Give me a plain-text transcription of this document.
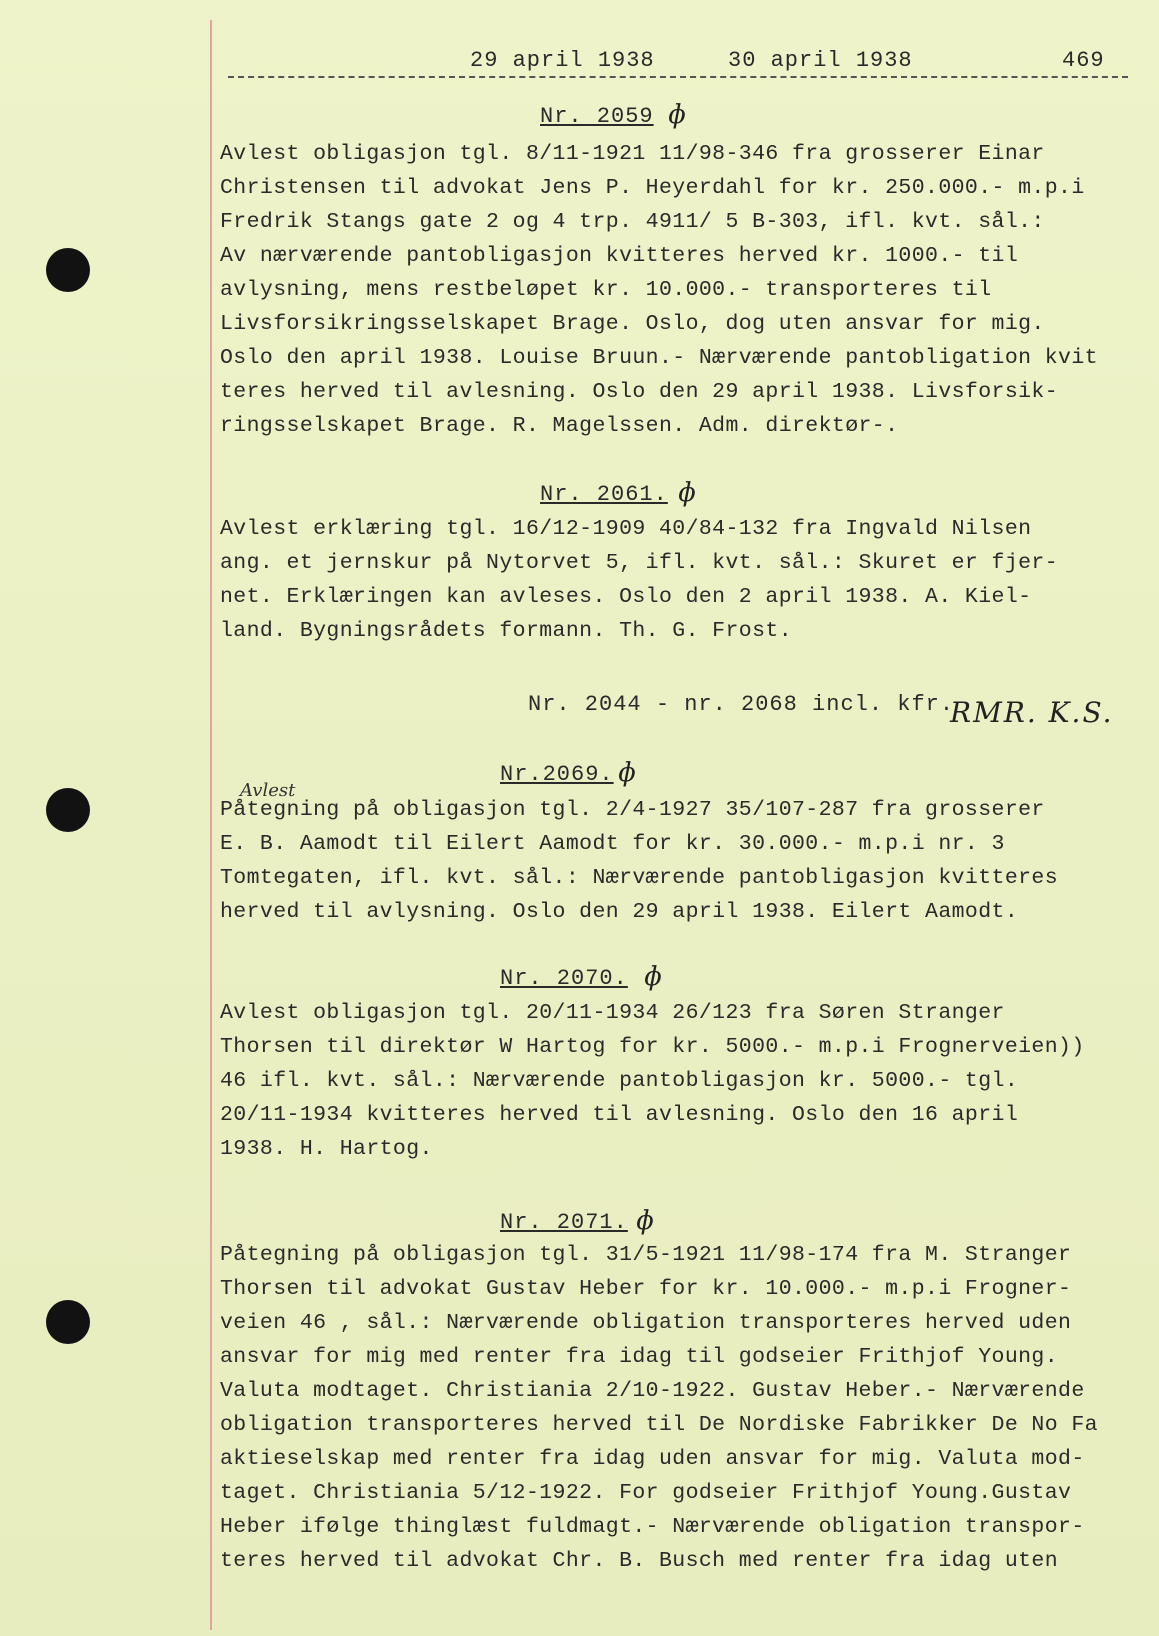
29 april 1938	30 april 1938	469
Nr. 2059 ɸ
Avlest obligasjon tgl. 8/11-1921 11/98-346 fra grosserer Einar
Christensen til advokat Jens P. Heyerdahl for kr. 250.000.- m.p.i
Fredrik Stangs gate 2 og 4 trp. 4911/ 5 B-303, ifl. kvt. sål.:
Av nærværende pantobligasjon kvitteres herved kr. 1000.- til
avlysning, mens restbeløpet kr. 10.000.- transporteres til
Livsforsikringsselskapet Brage. Oslo, dog uten ansvar for mig.
Oslo den april 1938. Louise Bruun.- Nærværende pantobligation kvit
teres herved til avlesning. Oslo den 29 april 1938. Livsforsik-
ringsselskapet Brage. R. Magelssen. Adm. direktør-.
Nr. 2061. ɸ
Avlest erklæring tgl. 16/12-1909 40/84-132 fra Ingvald Nilsen
ang. et jernskur på Nytorvet 5, ifl. kvt. sål.: Skuret er fjer-
net. Erklæringen kan avleses. Oslo den 2 april 1938. A. Kiel-
land. Bygningsrådets formann. Th. G. Frost.
Nr. 2044 - nr. 2068 incl. kfr.
RMR. K.S.
Avlest
Nr.2069. ɸ
Påtegning på obligasjon tgl. 2/4-1927 35/107-287 fra grosserer
E. B. Aamodt til Eilert Aamodt for kr. 30.000.- m.p.i nr. 3
Tomtegaten, ifl. kvt. sål.: Nærværende pantobligasjon kvitteres
herved til avlysning. Oslo den 29 april 1938. Eilert Aamodt.
Nr. 2070. ɸ
Avlest obligasjon tgl. 20/11-1934 26/123 fra Søren Stranger
Thorsen til direktør W Hartog for kr. 5000.- m.p.i Frognerveien))
46 ifl. kvt. sål.: Nærværende pantobligasjon kr. 5000.- tgl.
20/11-1934 kvitteres herved til avlesning. Oslo den 16 april
1938. H. Hartog.
Nr. 2071. ɸ
Påtegning på obligasjon tgl. 31/5-1921 11/98-174 fra M. Stranger
Thorsen til advokat Gustav Heber for kr. 10.000.- m.p.i Frogner-
veien 46 , sål.: Nærværende obligation transporteres herved uden
ansvar for mig med renter fra idag til godseier Frithjof Young.
Valuta modtaget. Christiania 2/10-1922. Gustav Heber.- Nærværende
obligation transporteres herved til De Nordiske Fabrikker De No Fa
aktieselskap med renter fra idag uden ansvar for mig. Valuta mod-
taget. Christiania 5/12-1922. For godseier Frithjof Young.Gustav
Heber ifølge thinglæst fuldmagt.- Nærværende obligation transpor-
teres herved til advokat Chr. B. Busch med renter fra idag uten
